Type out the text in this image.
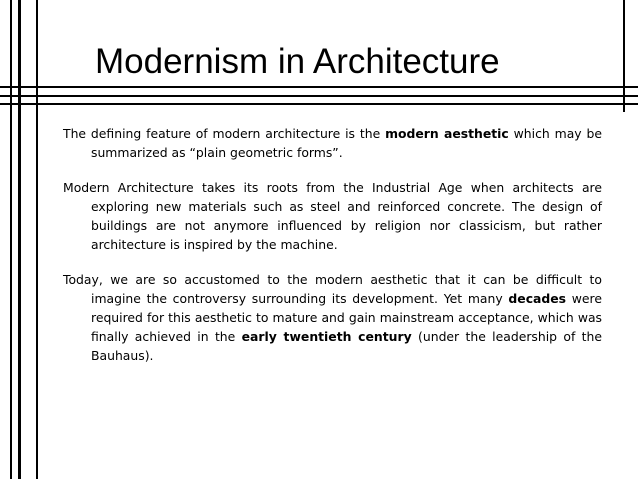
Modernism in Architecture

The defining feature of modern architecture is the modern aesthetic which may be summarized as “plain geometric forms”.

Modern Architecture takes its roots from the Industrial Age when architects are exploring new materials such as steel and reinforced concrete. The design of buildings are not anymore influenced by religion nor classicism, but rather architecture is inspired by the machine.

Today, we are so accustomed to the modern aesthetic that it can be difficult to imagine the controversy surrounding its development. Yet many decades were required for this aesthetic to mature and gain mainstream acceptance, which was finally achieved in the early twentieth century (under the leadership of the Bauhaus).
